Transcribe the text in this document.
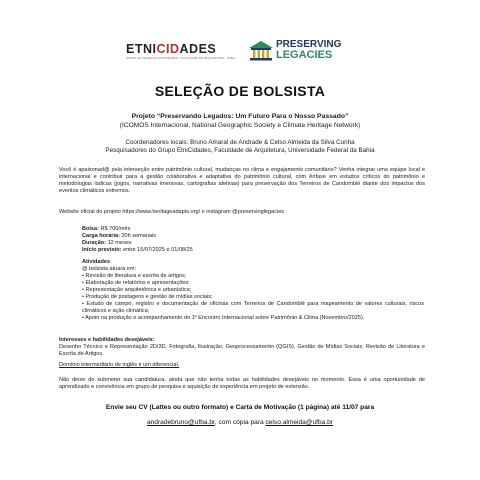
ETNICIDADES
GRUPO DE PESQUISA ETNICIDADES · FACULDADE DE ARQUITETURA · UFBA
PRESERVING
LEGACIES
SELEÇÃO DE BOLSISTA
Projeto “Preservando Legados: Um Futuro Para o Nosso Passado”
(ICOMOS Internacional, National Geographic Society e Climate Heritage Network)
Coordenadores locais: Bruno Amaral de Andrade & Celso Almeida da Silva Cunha
Pesquisadores do Grupo EtniCidades, Faculdade de Arquitetura, Universidade Federal da Bahia
Você é apaixonad@ pela interseção entre patrimônio cultural, mudanças no clima e engajamento comunitário? Venha integrar uma equipe local e internacional e contribuir para a gestão colaborativa e adaptativa do patrimônio cultural, com ênfase em estudos críticos do patrimônio e metodologias lúdicas (jogos, narrativas imersivas, cartografias afetivas) para preservação dos Terreiros de Candomblé diante dos impactos dos eventos climáticos extremos.
Website oficial do projeto https://www.heritageadapts.org/ e instagram @preservinglegacies
Bolsa: R$ 700/mês
Carga horária: 20h semanais
Duração: 12 meses
Início previsto: entre 15/07/2025 e 01/08/25
Atividades
@ bolsista atuará em:
• Revisão de literatura e escrita de artigos;
• Elaboração de relatórios e apresentações;
• Representação arquitetônica e urbanística;
• Produção de postagens e gestão de mídias sociais;
• Estudo de campo, registro e documentação de oficinas com Terreiros de Candomblé para mapeamento de valores culturais, riscos climáticos e ação climática;
• Apoio na produção e acompanhamento do 1º Encontro Internacional sobre Patrimônio & Clima (Novembro/2025).
Interesses e habilidades desejáveis:
Desenho Técnico e Representação 2D/3D, Fotografia, Ilustração, Geoprocessamento (QGIS), Gestão de Mídias Sociais, Revisão de Literatura e Escrita de Artigos.
Domínio intermediário de inglês é um diferencial.
Não deixe de submeter sua candidatura, ainda que não tenha todas as habilidades desejáveis no momento. Essa é uma oportunidade de aprendizado e convivência em grupo de pesquisa e aquisição de experiência em projeto de extensão.
Envie seu CV (Lattes ou outro formato) e Carta de Motivação (1 página) até 11/07 para
andradebruno@ufba.br, com cópia para celso.almeida@ufba.br
